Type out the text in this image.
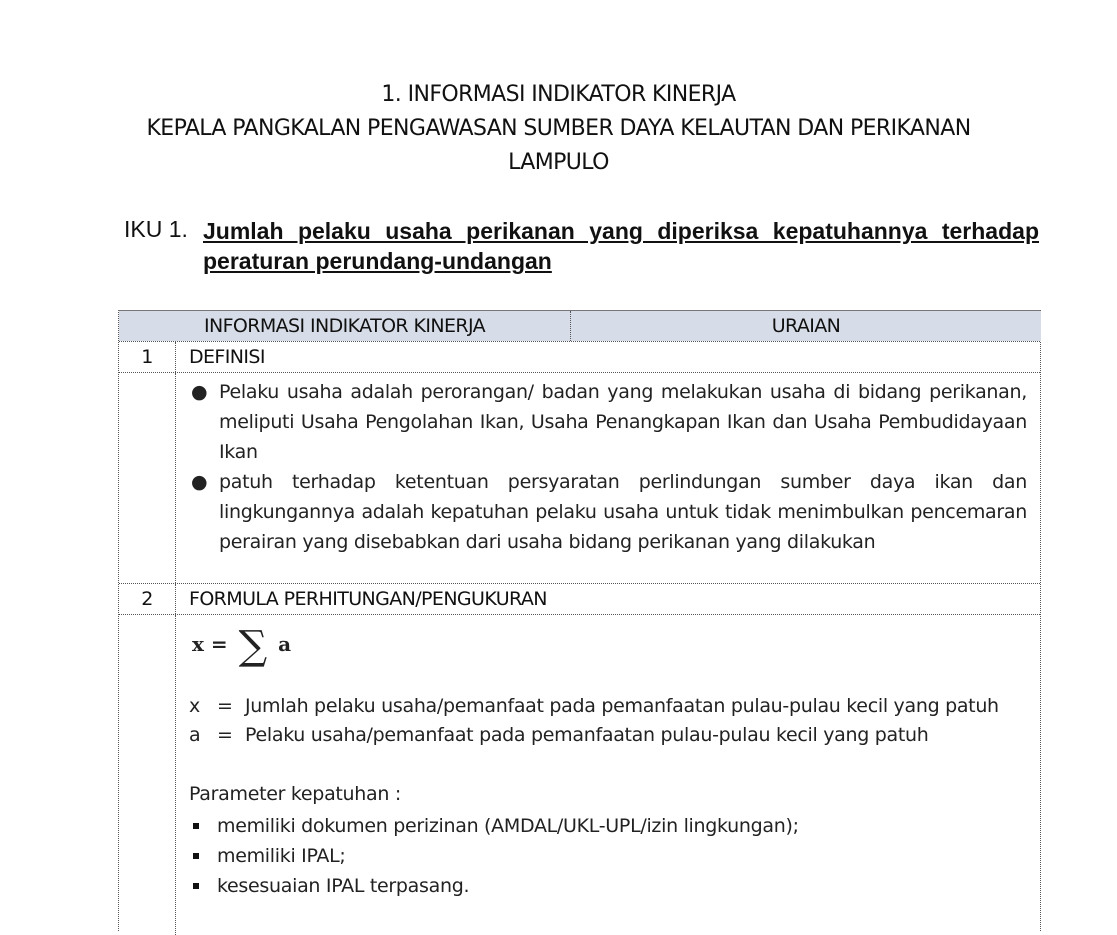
1. INFORMASI INDIKATOR KINERJA
KEPALA PANGKALAN PENGAWASAN SUMBER DAYA KELAUTAN DAN PERIKANAN
LAMPULO
IKU 1. Jumlah pelaku usaha perikanan yang diperiksa kepatuhannya terhadap peraturan perundang-undangan
INFORMASI INDIKATOR KINERJA	URAIAN
1	DEFINISI
● Pelaku usaha adalah perorangan/ badan yang melakukan usaha di bidang perikanan, meliputi Usaha Pengolahan Ikan, Usaha Penangkapan Ikan dan Usaha Pembudidayaan Ikan
● patuh terhadap ketentuan persyaratan perlindungan sumber daya ikan dan lingkungannya adalah kepatuhan pelaku usaha untuk tidak menimbulkan pencemaran perairan yang disebabkan dari usaha bidang perikanan yang dilakukan
2	FORMULA PERHITUNGAN/PENGUKURAN
x = ∑ a
x = Jumlah pelaku usaha/pemanfaat pada pemanfaatan pulau-pulau kecil yang patuh
a = Pelaku usaha/pemanfaat pada pemanfaatan pulau-pulau kecil yang patuh
Parameter kepatuhan :
memiliki dokumen perizinan (AMDAL/UKL-UPL/izin lingkungan);
memiliki IPAL;
kesesuaian IPAL terpasang.
